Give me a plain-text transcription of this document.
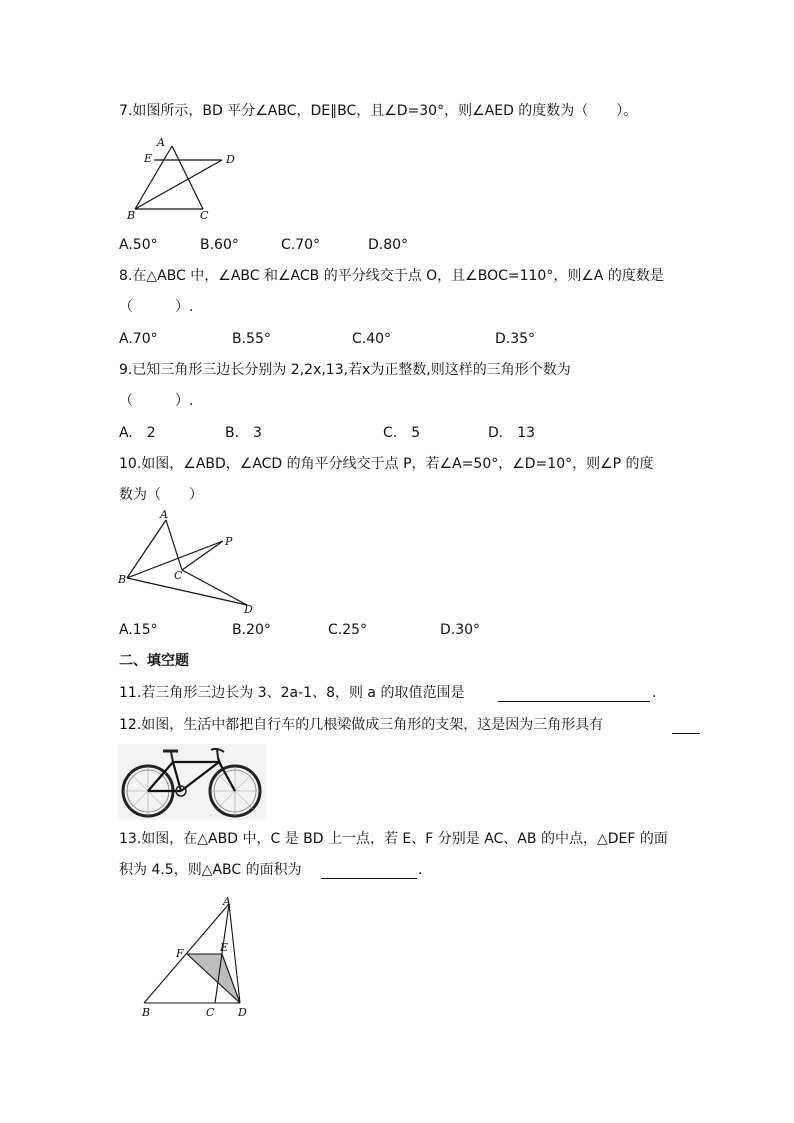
7.如图所示，BD 平分∠ABC，DE∥BC，且∠D=30°，则∠AED 的度数为（　　）。
A
E	D
B	C
A.50°	B.60°	C.70°	D.80°
8.在△ABC 中，∠ABC 和∠ACB 的平分线交于点 O，且∠BOC=110°，则∠A 的度数是
（　　　）.
A.70°	B.55°	C.40°	D.35°
9.已知三角形三边长分别为 2,2x,13,若x为正整数,则这样的三角形个数为
（　　　）.
A.　2	B.　3	C.　5	D.　13
10.如图，∠ABD，∠ACD 的角平分线交于点 P，若∠A=50°，∠D=10°，则∠P 的度
数为（　　）
A
P
B	C
D
A.15°	B.20°	C.25°	D.30°
二、填空题
11.若三角形三边长为 3、2a-1、8，则 a 的取值范围是	.
12.如图，生活中都把自行车的几根梁做成三角形的支架，这是因为三角形具有
13.如图，在△ABD 中，C 是 BD 上一点，若 E、F 分别是 AC、AB 的中点，△DEF 的面
积为 4.5，则△ABC 的面积为	.
A
F	E
B	C D
